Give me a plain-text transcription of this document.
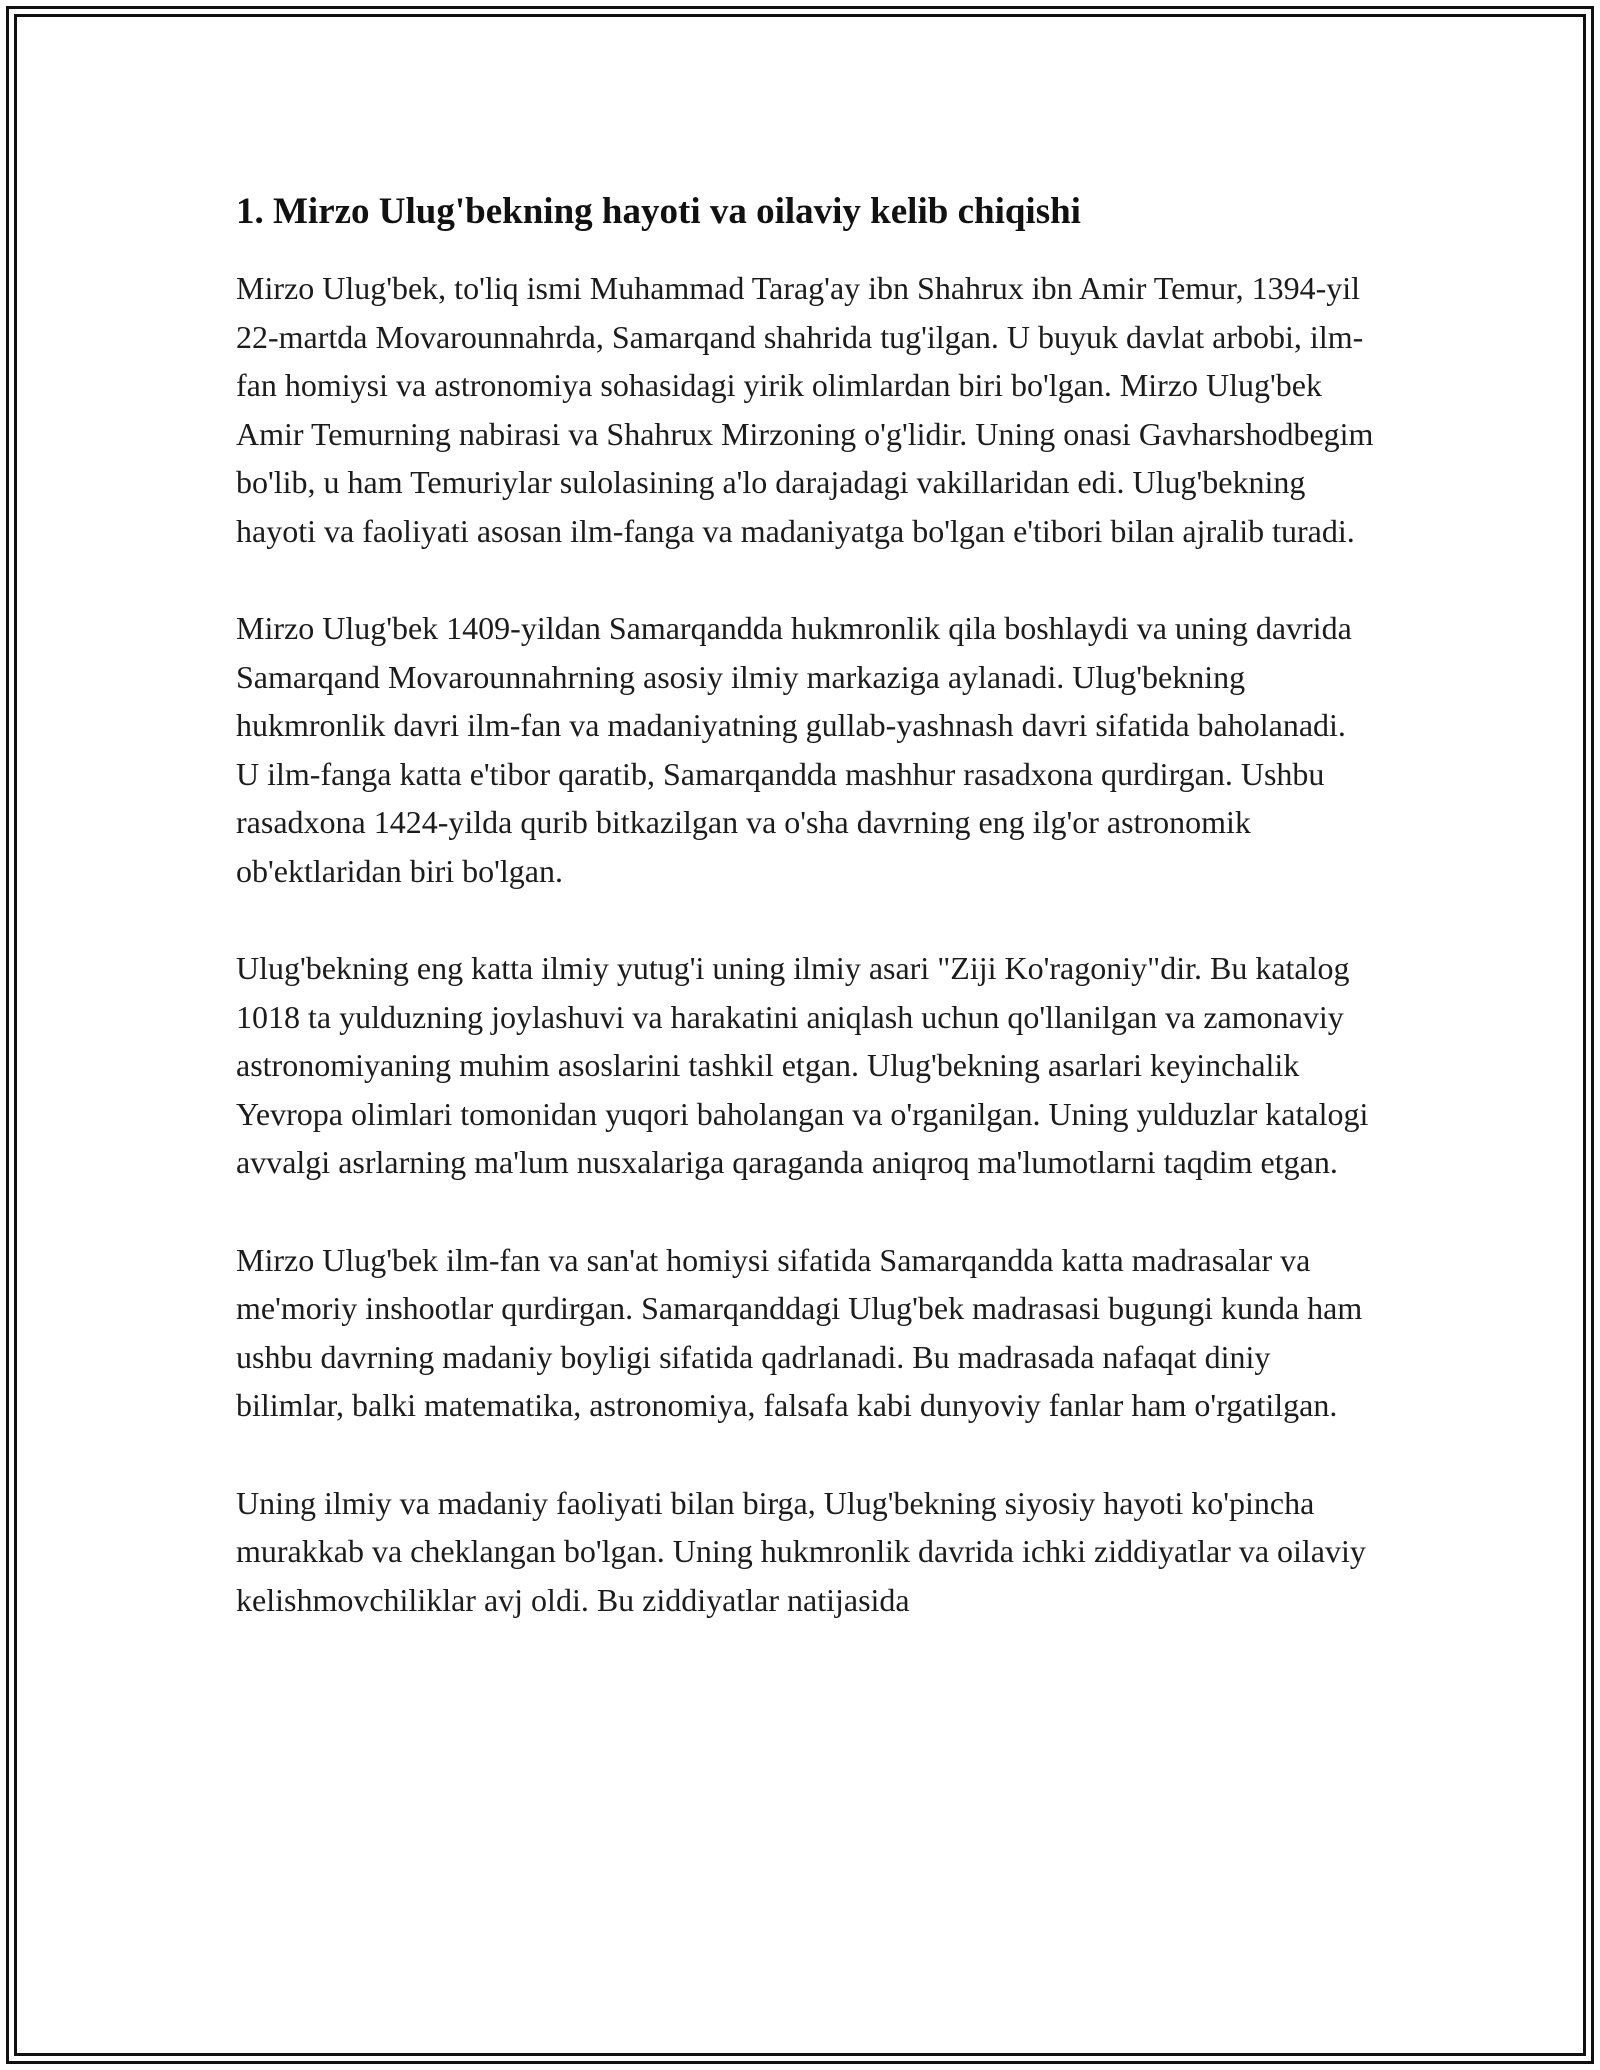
1. Mirzo Ulug'bekning hayoti va oilaviy kelib chiqishi

Mirzo Ulug'bek, to'liq ismi Muhammad Tarag'ay ibn Shahrux ibn Amir Temur, 1394-yil 22-martda Movarounnahrda, Samarqand shahrida tug'ilgan. U buyuk davlat arbobi, ilm-fan homiysi va astronomiya sohasidagi yirik olimlardan biri bo'lgan. Mirzo Ulug'bek Amir Temurning nabirasi va Shahrux Mirzoning o'g'lidir. Uning onasi Gavharshodbegim bo'lib, u ham Temuriylar sulolasining a'lo darajadagi vakillaridan edi. Ulug'bekning hayoti va faoliyati asosan ilm-fanga va madaniyatga bo'lgan e'tibori bilan ajralib turadi.

Mirzo Ulug'bek 1409-yildan Samarqandda hukmronlik qila boshlaydi va uning davrida Samarqand Movarounnahrning asosiy ilmiy markaziga aylanadi. Ulug'bekning hukmronlik davri ilm-fan va madaniyatning gullab-yashnash davri sifatida baholanadi. U ilm-fanga katta e'tibor qaratib, Samarqandda mashhur rasadxona qurdirgan. Ushbu rasadxona 1424-yilda qurib bitkazilgan va o'sha davrning eng ilg'or astronomik ob'ektlaridan biri bo'lgan.

Ulug'bekning eng katta ilmiy yutug'i uning ilmiy asari "Ziji Ko'ragoniy"dir. Bu katalog 1018 ta yulduzning joylashuvi va harakatini aniqlash uchun qo'llanilgan va zamonaviy astronomiyaning muhim asoslarini tashkil etgan. Ulug'bekning asarlari keyinchalik Yevropa olimlari tomonidan yuqori baholangan va o'rganilgan. Uning yulduzlar katalogi avvalgi asrlarning ma'lum nusxalariga qaraganda aniqroq ma'lumotlarni taqdim etgan.

Mirzo Ulug'bek ilm-fan va san'at homiysi sifatida Samarqandda katta madrasalar va me'moriy inshootlar qurdirgan. Samarqanddagi Ulug'bek madrasasi bugungi kunda ham ushbu davrning madaniy boyligi sifatida qadrlanadi. Bu madrasada nafaqat diniy bilimlar, balki matematika, astronomiya, falsafa kabi dunyoviy fanlar ham o'rgatilgan.

Uning ilmiy va madaniy faoliyati bilan birga, Ulug'bekning siyosiy hayoti ko'pincha murakkab va cheklangan bo'lgan. Uning hukmronlik davrida ichki ziddiyatlar va oilaviy kelishmovchiliklar avj oldi. Bu ziddiyatlar natijasida
